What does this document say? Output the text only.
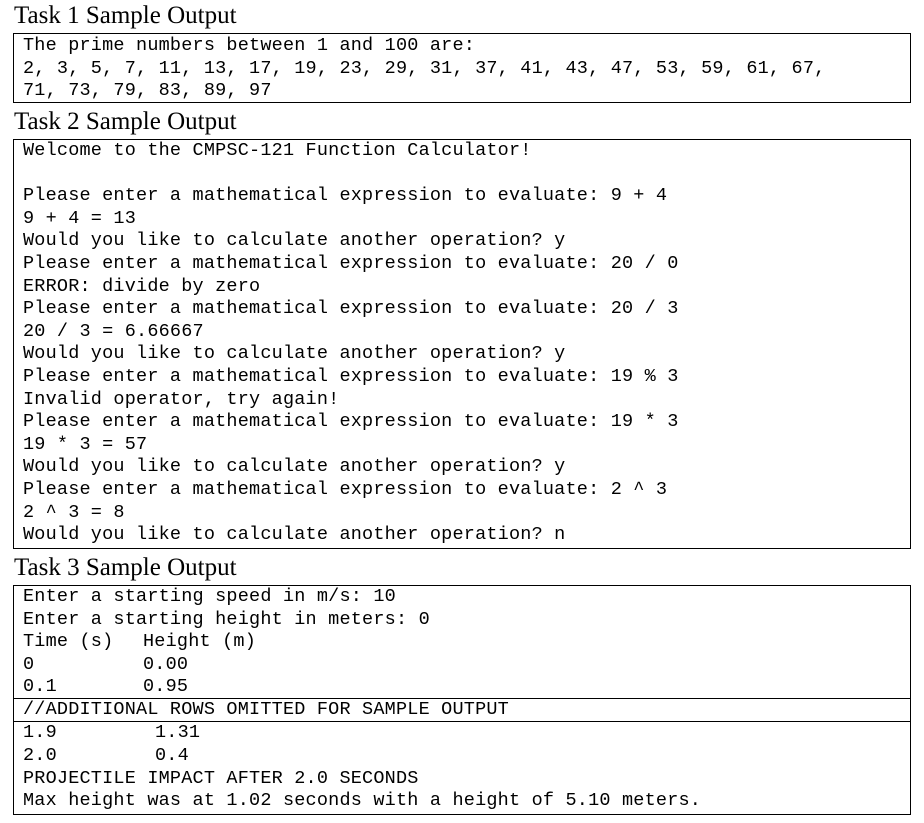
Task 1 Sample Output
The prime numbers between 1 and 100 are:
2, 3, 5, 7, 11, 13, 17, 19, 23, 29, 31, 37, 41, 43, 47, 53, 59, 61, 67,
71, 73, 79, 83, 89, 97
Task 2 Sample Output
Welcome to the CMPSC-121 Function Calculator!
Please enter a mathematical expression to evaluate: 9 + 4
9 + 4 = 13
Would you like to calculate another operation? y
Please enter a mathematical expression to evaluate: 20 / 0
ERROR: divide by zero
Please enter a mathematical expression to evaluate: 20 / 3
20 / 3 = 6.66667
Would you like to calculate another operation? y
Please enter a mathematical expression to evaluate: 19 % 3
Invalid operator, try again!
Please enter a mathematical expression to evaluate: 19 * 3
19 * 3 = 57
Would you like to calculate another operation? y
Please enter a mathematical expression to evaluate: 2 ^ 3
2 ^ 3 = 8
Would you like to calculate another operation? n
Task 3 Sample Output
Enter a starting speed in m/s: 10
Enter a starting height in meters: 0
Time (s) Height (m)
0	0.00
0.1	0.95
//ADDITIONAL ROWS OMITTED FOR SAMPLE OUTPUT
1.9	1.31
2.0	0.4
PROJECTILE IMPACT AFTER 2.0 SECONDS
Max height was at 1.02 seconds with a height of 5.10 meters.
